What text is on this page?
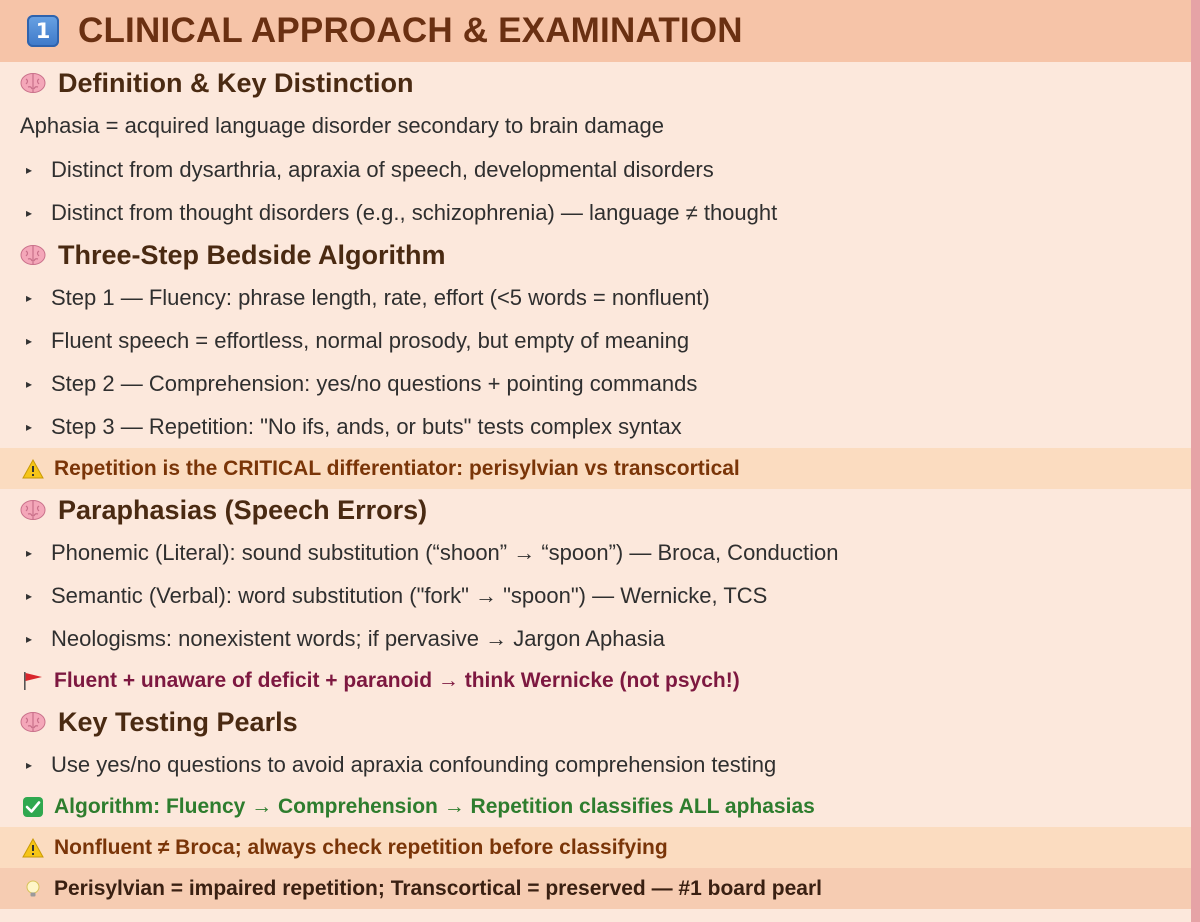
1 CLINICAL APPROACH & EXAMINATION
Definition & Key Distinction
Aphasia = acquired language disorder secondary to brain damage
▸ Distinct from dysarthria, apraxia of speech, developmental disorders
▸ Distinct from thought disorders (e.g., schizophrenia) — language ≠ thought
Three-Step Bedside Algorithm
▸ Step 1 — Fluency: phrase length, rate, effort (<5 words = nonfluent)
▸ Fluent speech = effortless, normal prosody, but empty of meaning
▸ Step 2 — Comprehension: yes/no questions + pointing commands
▸ Step 3 — Repetition: "No ifs, ands, or buts" tests complex syntax
Repetition is the CRITICAL differentiator: perisylvian vs transcortical
Paraphasias (Speech Errors)
▸ Phonemic (Literal): sound substitution (“shoon” → “spoon”) — Broca, Conduction
▸ Semantic (Verbal): word substitution ("fork" → "spoon") — Wernicke, TCS
▸ Neologisms: nonexistent words; if pervasive → Jargon Aphasia
Fluent + unaware of deficit + paranoid → think Wernicke (not psych!)
Key Testing Pearls
▸ Use yes/no questions to avoid apraxia confounding comprehension testing
Algorithm: Fluency → Comprehension → Repetition classifies ALL aphasias
Nonfluent ≠ Broca; always check repetition before classifying
Perisylvian = impaired repetition; Transcortical = preserved — #1 board pearl
